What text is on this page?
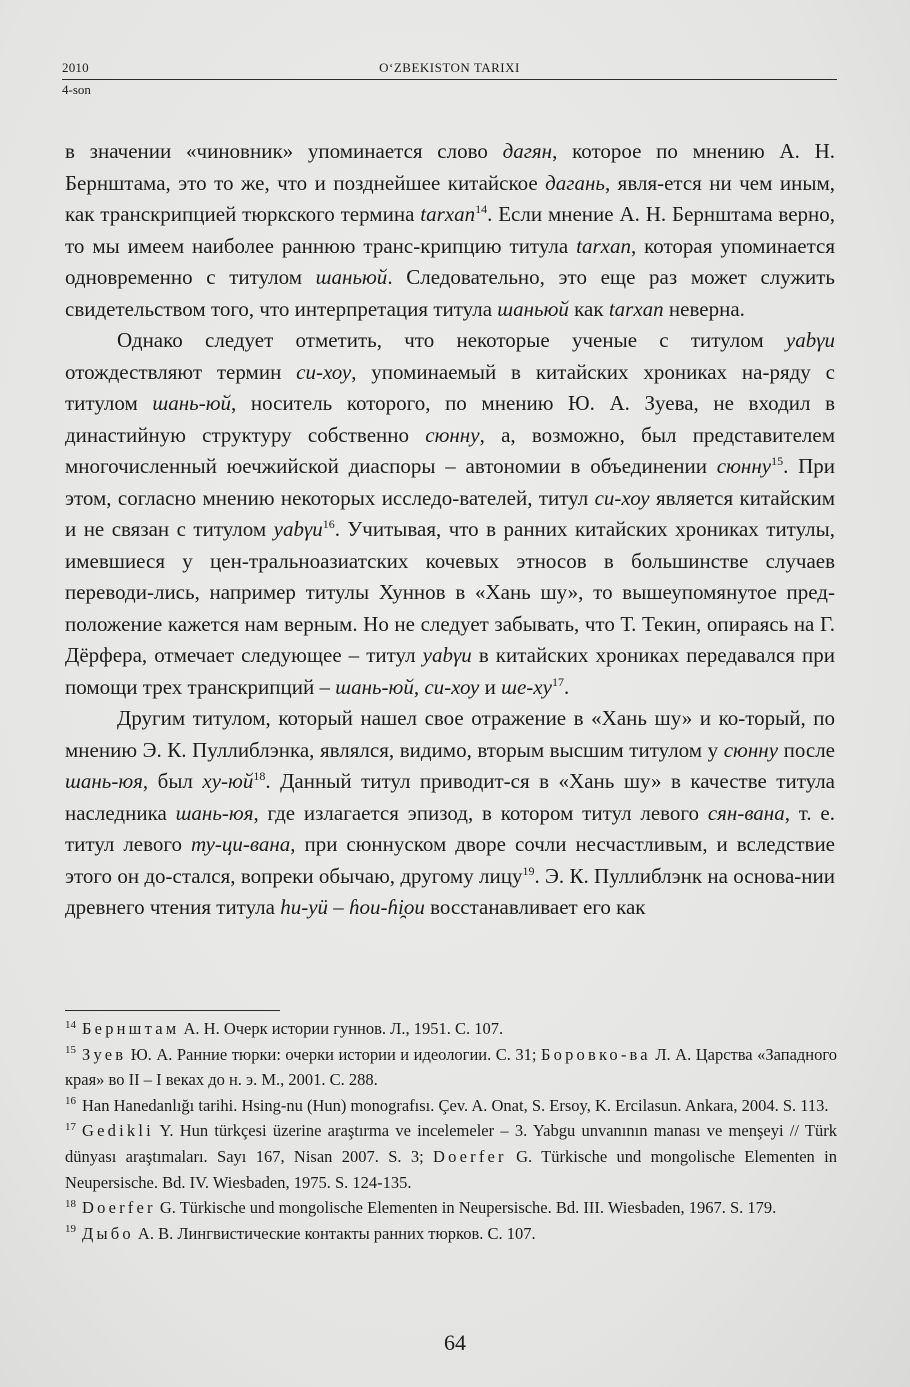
2010	O‘ZBEKISTON TARIXI
4-son

в значении «чиновник» упоминается слово дагян, которое по мнению А. Н. Бернштама, это то же, что и позднейшее китайское дагань, явля-ется ни чем иным, как транскрипцией тюркского термина tarxan$^{14}$. Если мнение А. Н. Бернштама верно, то мы имеем наиболее раннюю транс-крипцию титула tarxan, которая упоминается одновременно с титулом шаньюй. Следовательно, это еще раз может служить свидетельством того, что интерпретация титула шаньюй как tarxan неверна.

Однако следует отметить, что некоторые ученые с титулом yabγu отождествляют термин си-хоу, упоминаемый в китайских хрониках на-ряду с титулом шань-юй, носитель которого, по мнению Ю. А. Зуева, не входил в династийную структуру собственно сюнну, а, возможно, был представителем многочисленный юечжийской диаспоры – автономии в объединении сюнну$^{15}$. При этом, согласно мнению некоторых исследо-вателей, титул си-хоу является китайским и не связан с титулом yabγu$^{16}$. Учитывая, что в ранних китайских хрониках титулы, имевшиеся у цен-тральноазиатских кочевых этносов в большинстве случаев переводи-лись, например титулы Хуннов в «Хань шу», то вышеупомянутое пред-положение кажется нам верным. Но не следует забывать, что Т. Текин, опираясь на Г. Дёрфера, отмечает следующее – титул yabγu в китайских хрониках передавался при помощи трех транскрипций – шань-юй, си-хоу и $ше-ху^{17}$.

Другим титулом, который нашел свое отражение в «Хань шу» и ко-торый, по мнению Э. К. Пуллиблэнка, являлся, видимо, вторым высшим титулом у сюнну после шань-юя, был $ху-юй^{18}$. Данный титул приводит-ся в «Хань шу» в качестве титула наследника шань-юя, где излагается эпизод, в котором титул левого сян-вана, т. е. титул левого ту-ци-вана, при сюннуском дворе сочли несчастливым, и вследствие этого он до-стался, вопреки обычаю, другому лицу$^{19}$. Э. К. Пуллиблэнк на основа-нии древнего чтения титула hu-yü – ɦou-ɦi̯ou восстанавливает его как

$^{14}$ Бернштам А. Н. Очерк истории гуннов. Л., 1951. С. 107.

$^{15}$ Зуев Ю. А. Ранние тюрки: очерки истории и идеологии. С. 31; Боровко-ва Л. А. Царства «Западного края» во II – I веках до н. э. М., 2001. С. 288.

$^{16}$ Han Hanedanlığı tarihi. Hsing-nu (Hun) monografısı. Çev. A. Onat, S. Ersoy, K. Ercilasun. Ankara, 2004. S. 113.

$^{17}$ Gedikli Y. Hun türkçesi üzerine araştırma ve incelemeler – 3. Yabgu unvanının manası ve menşeyi // Türk dünyası araştımaları. Sayı 167, Nisan 2007. S. 3; Doerfer G. Türkische und mongolische Elementen in Neupersische. Bd. IV. Wiesbaden, 1975. S. 124-135.

$^{18}$ Doerfer G. Türkische und mongolische Elementen in Neupersische. Bd. III. Wiesbaden, 1967. S. 179.

$^{19}$ Дыбо А. В. Лингвистические контакты ранних тюрков. С. 107.

64
